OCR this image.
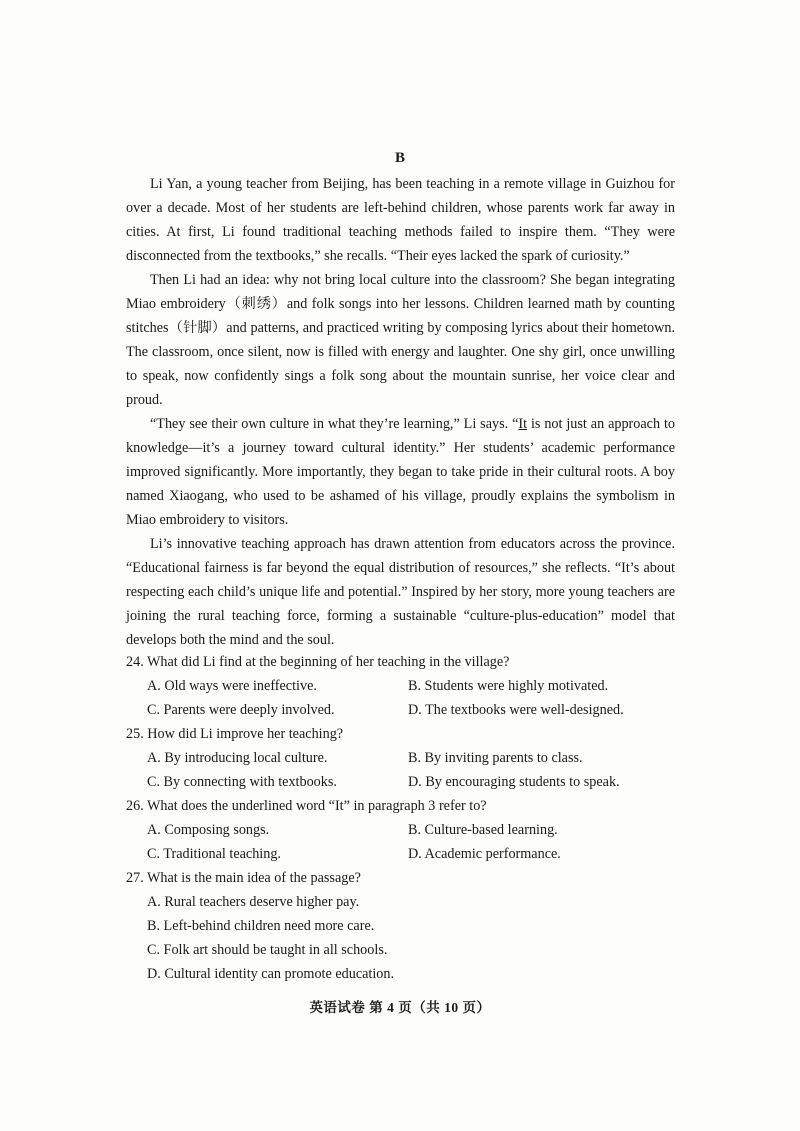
B

Li Yan, a young teacher from Beijing, has been teaching in a remote village in Guizhou for over a decade. Most of her students are left-behind children, whose parents work far away in cities. At first, Li found traditional teaching methods failed to inspire them. “They were disconnected from the textbooks,” she recalls. “Their eyes lacked the spark of curiosity.”

Then Li had an idea: why not bring local culture into the classroom? She began integrating Miao embroidery（刺绣）and folk songs into her lessons. Children learned math by counting stitches（针脚）and patterns, and practiced writing by composing lyrics about their hometown. The classroom, once silent, now is filled with energy and laughter. One shy girl, once unwilling to speak, now confidently sings a folk song about the mountain sunrise, her voice clear and proud.

“They see their own culture in what they’re learning,” Li says. “It is not just an approach to knowledge—it’s a journey toward cultural identity.” Her students’ academic performance improved significantly. More importantly, they began to take pride in their cultural roots. A boy named Xiaogang, who used to be ashamed of his village, proudly explains the symbolism in Miao embroidery to visitors.

Li’s innovative teaching approach has drawn attention from educators across the province. “Educational fairness is far beyond the equal distribution of resources,” she reflects. “It’s about respecting each child’s unique life and potential.” Inspired by her story, more young teachers are joining the rural teaching force, forming a sustainable “culture-plus-education” model that develops both the mind and the soul.

24. What did Li find at the beginning of her teaching in the village?

A. Old ways were ineffective.	B. Students were highly motivated.
C. Parents were deeply involved.	D. The textbooks were well-designed.

25. How did Li improve her teaching?

A. By introducing local culture.	B. By inviting parents to class.
C. By connecting with textbooks.	D. By encouraging students to speak.

26. What does the underlined word “It” in paragraph 3 refer to?

A. Composing songs.	B. Culture-based learning.
C. Traditional teaching.	D. Academic performance.

27. What is the main idea of the passage?

A. Rural teachers deserve higher pay.

B. Left-behind children need more care.

C. Folk art should be taught in all schools.

D. Cultural identity can promote education.

英语试卷 第 4 页（共 10 页）
